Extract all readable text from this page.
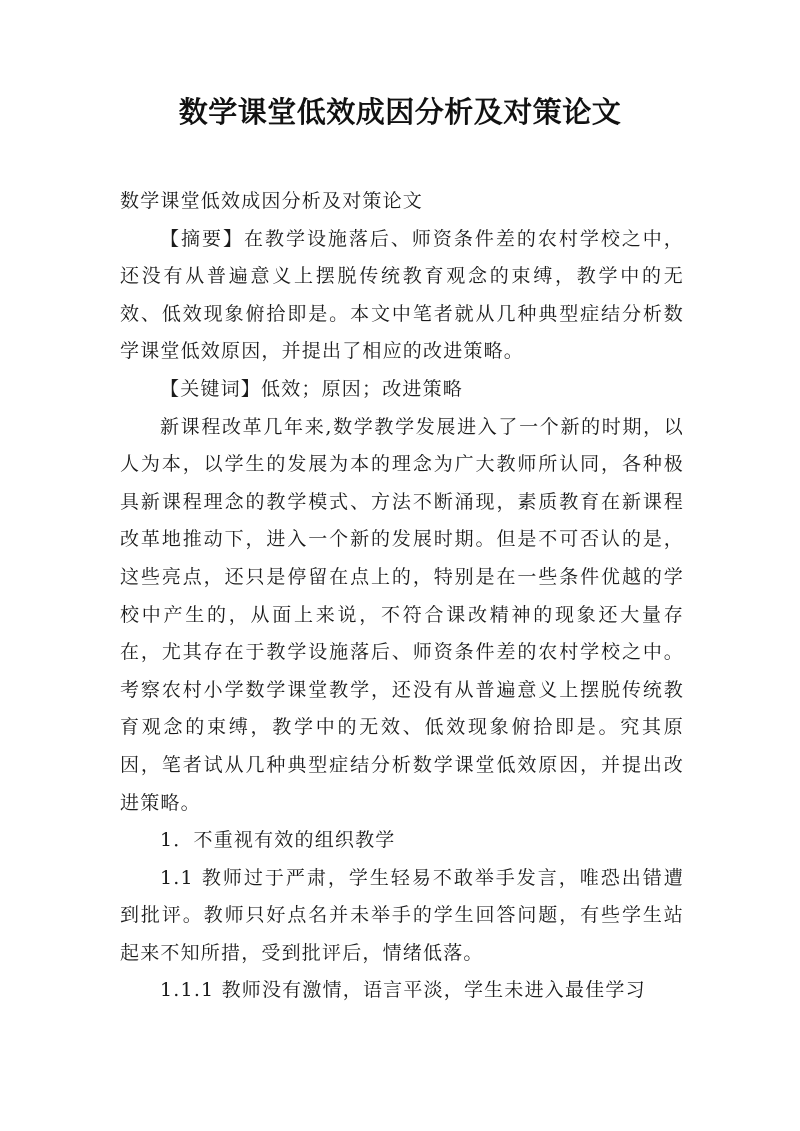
数学课堂低效成因分析及对策论文

数学课堂低效成因分析及对策论文

【摘要】在教学设施落后、师资条件差的农村学校之中，还没有从普遍意义上摆脱传统教育观念的束缚，教学中的无效、低效现象俯拾即是。本文中笔者就从几种典型症结分析数学课堂低效原因，并提出了相应的改进策略。

【关键词】低效；原因；改进策略

新课程改革几年来,数学教学发展进入了一个新的时期，以人为本，以学生的发展为本的理念为广大教师所认同，各种极具新课程理念的教学模式、方法不断涌现，素质教育在新课程改革地推动下，进入一个新的发展时期。但是不可否认的是，这些亮点，还只是停留在点上的，特别是在一些条件优越的学校中产生的，从面上来说，不符合课改精神的现象还大量存在，尤其存在于教学设施落后、师资条件差的农村学校之中。考察农村小学数学课堂教学，还没有从普遍意义上摆脱传统教育观念的束缚，教学中的无效、低效现象俯拾即是。究其原因，笔者试从几种典型症结分析数学课堂低效原因，并提出改进策略。

1．不重视有效的组织教学

1.1 教师过于严肃，学生轻易不敢举手发言，唯恐出错遭到批评。教师只好点名并未举手的学生回答问题，有些学生站起来不知所措，受到批评后，情绪低落。

1.1.1 教师没有激情，语言平淡，学生未进入最佳学习
